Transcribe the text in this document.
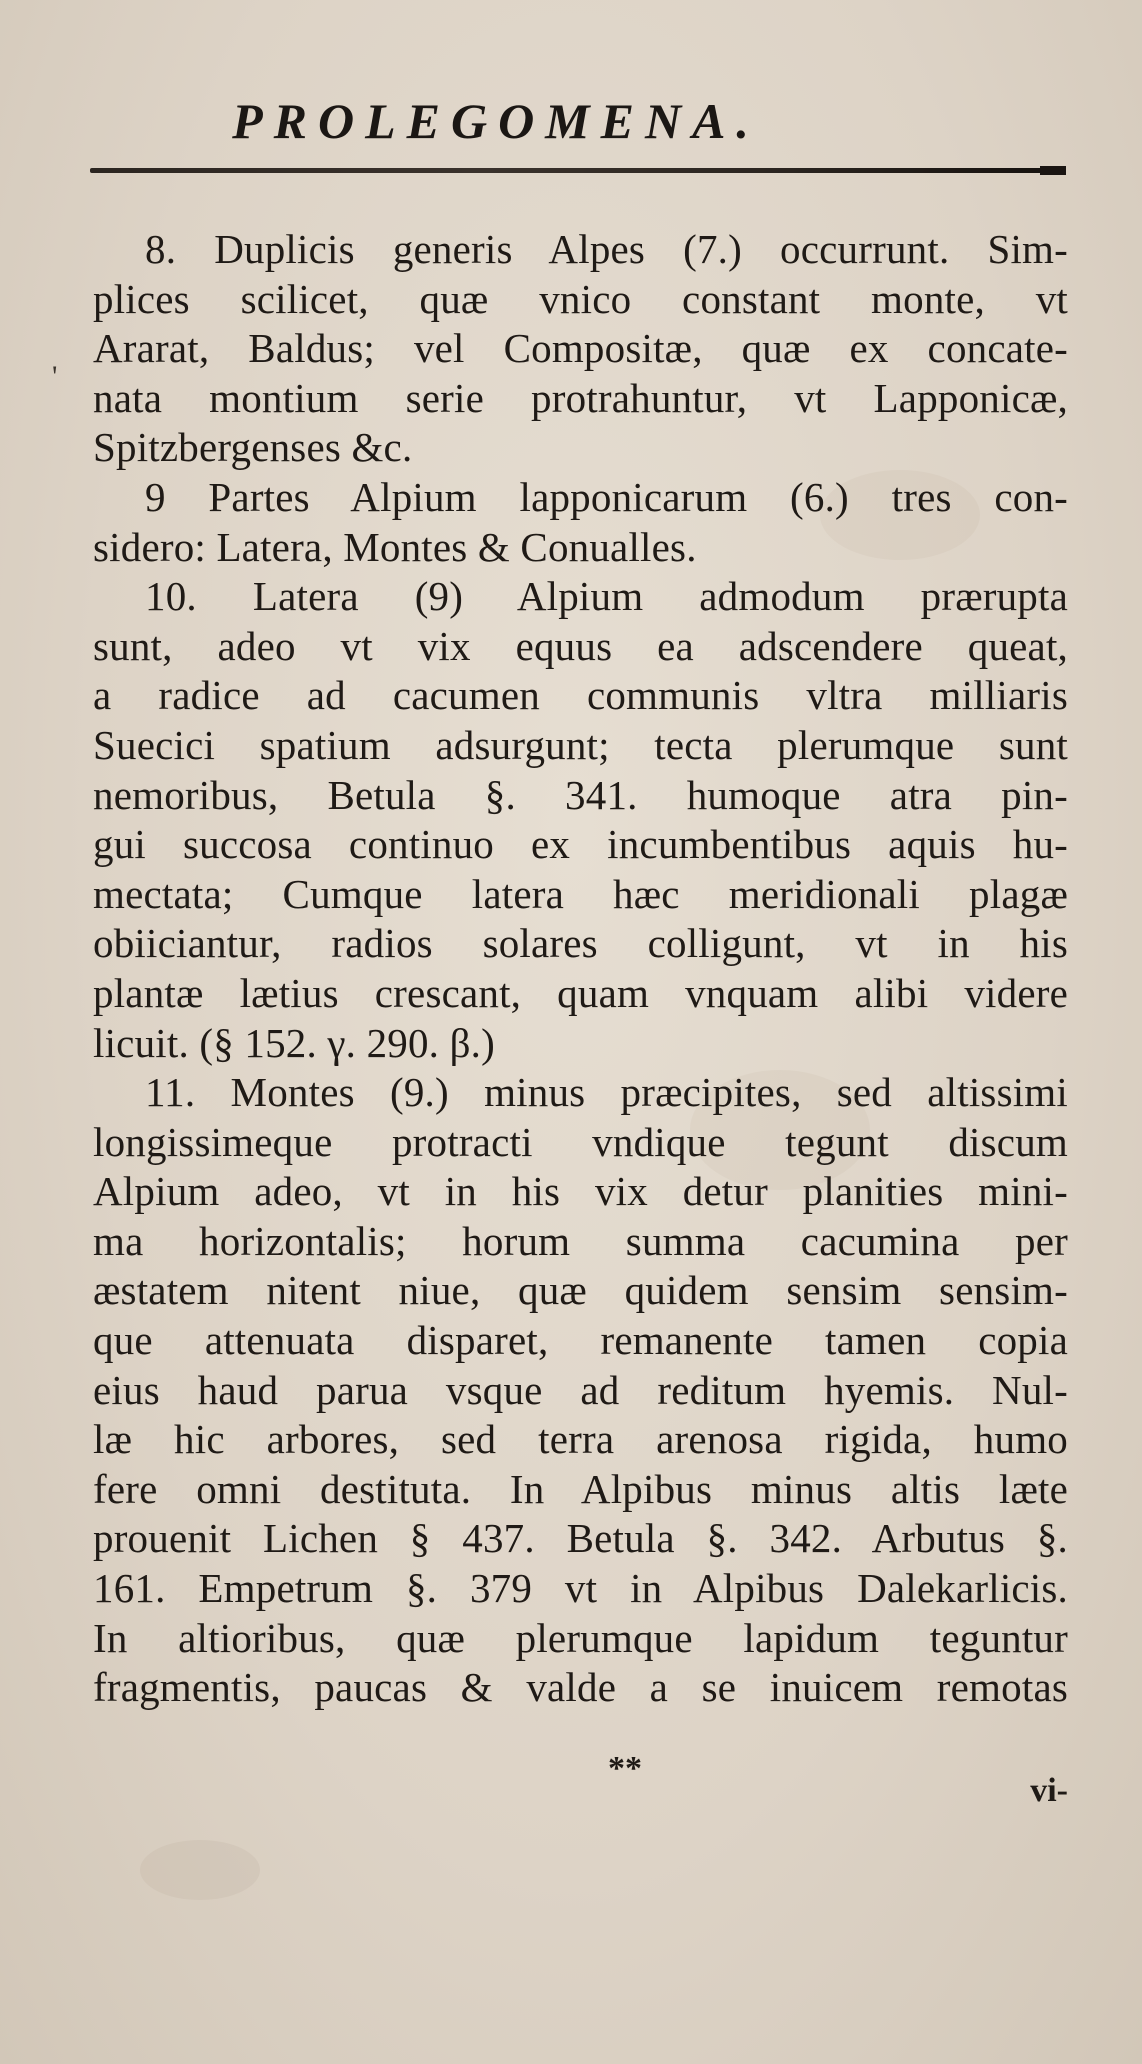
PROLEGOMENA.
'
8. Duplicis generis Alpes (7.) occurrunt. Sim-
plices scilicet, quæ vnico constant monte, vt
Ararat, Baldus; vel Compositæ, quæ ex concate-
nata montium serie protrahuntur, vt Lapponicæ,
Spitzbergenses &c.
9 Partes Alpium lapponicarum (6.) tres con-
sidero: Latera, Montes & Conualles.
10. Latera (9) Alpium admodum prærupta
sunt, adeo vt vix equus ea adscendere queat,
a radice ad cacumen communis vltra milliaris
Suecici spatium adsurgunt; tecta plerumque sunt
nemoribus, Betula §. 341. humoque atra pin-
gui succosa continuo ex incumbentibus aquis hu-
mectata; Cumque latera hæc meridionali plagæ
obiiciantur, radios solares colligunt, vt in his
plantæ lætius crescant, quam vnquam alibi videre
licuit. (§ 152. γ. 290. β.)
11. Montes (9.) minus præcipites, sed altissimi
longissimeque protracti vndique tegunt discum
Alpium adeo, vt in his vix detur planities mini-
ma horizontalis; horum summa cacumina per
æstatem nitent niue, quæ quidem sensim sensim-
que attenuata disparet, remanente tamen copia
eius haud parua vsque ad reditum hyemis. Nul-
læ hic arbores, sed terra arenosa rigida, humo
fere omni destituta. In Alpibus minus altis læte
prouenit Lichen § 437. Betula §. 342. Arbutus §.
161. Empetrum §. 379 vt in Alpibus Dalekarlicis.
In altioribus, quæ plerumque lapidum teguntur
fragmentis, paucas & valde a se inuicem remotas
**
vi-
